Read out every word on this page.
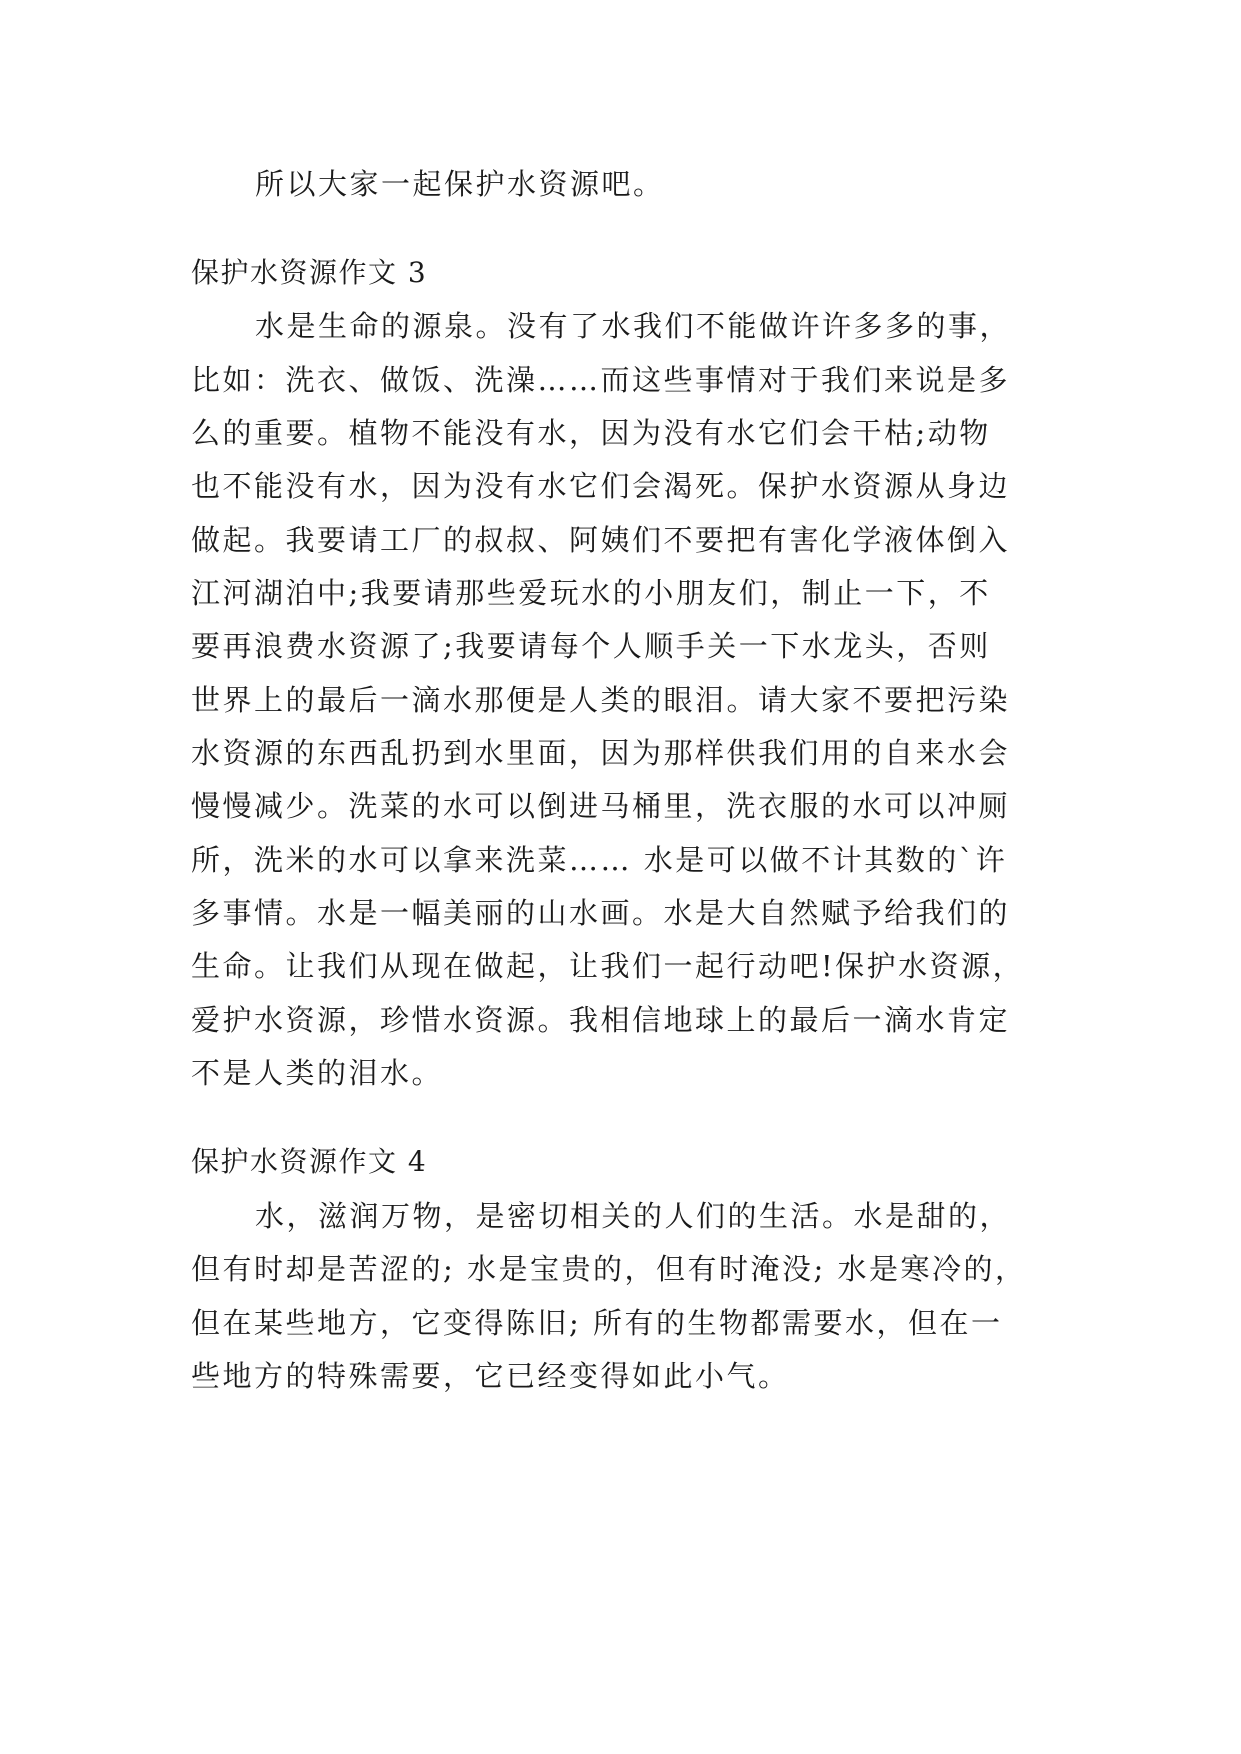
所以大家一起保护水资源吧。
保护水资源作文 3
水是生命的源泉。没有了水我们不能做许许多多的事，
比如：洗衣、做饭、洗澡……而这些事情对于我们来说是多
么的重要。植物不能没有水，因为没有水它们会干枯;动物
也不能没有水，因为没有水它们会渴死。保护水资源从身边
做起。我要请工厂的叔叔、阿姨们不要把有害化学液体倒入
江河湖泊中;我要请那些爱玩水的小朋友们，制止一下，不
要再浪费水资源了;我要请每个人顺手关一下水龙头，否则
世界上的最后一滴水那便是人类的眼泪。请大家不要把污染
水资源的东西乱扔到水里面，因为那样供我们用的自来水会
慢慢减少。洗菜的水可以倒进马桶里，洗衣服的水可以冲厕
所，洗米的水可以拿来洗菜…… 水是可以做不计其数的`许
多事情。水是一幅美丽的山水画。水是大自然赋予给我们的
生命。让我们从现在做起，让我们一起行动吧!保护水资源，
爱护水资源，珍惜水资源。我相信地球上的最后一滴水肯定
不是人类的泪水。
保护水资源作文 4
水，滋润万物，是密切相关的人们的生活。水是甜的，
但有时却是苦涩的; 水是宝贵的，但有时淹没; 水是寒冷的，
但在某些地方，它变得陈旧; 所有的生物都需要水，但在一
些地方的特殊需要，它已经变得如此小气。
